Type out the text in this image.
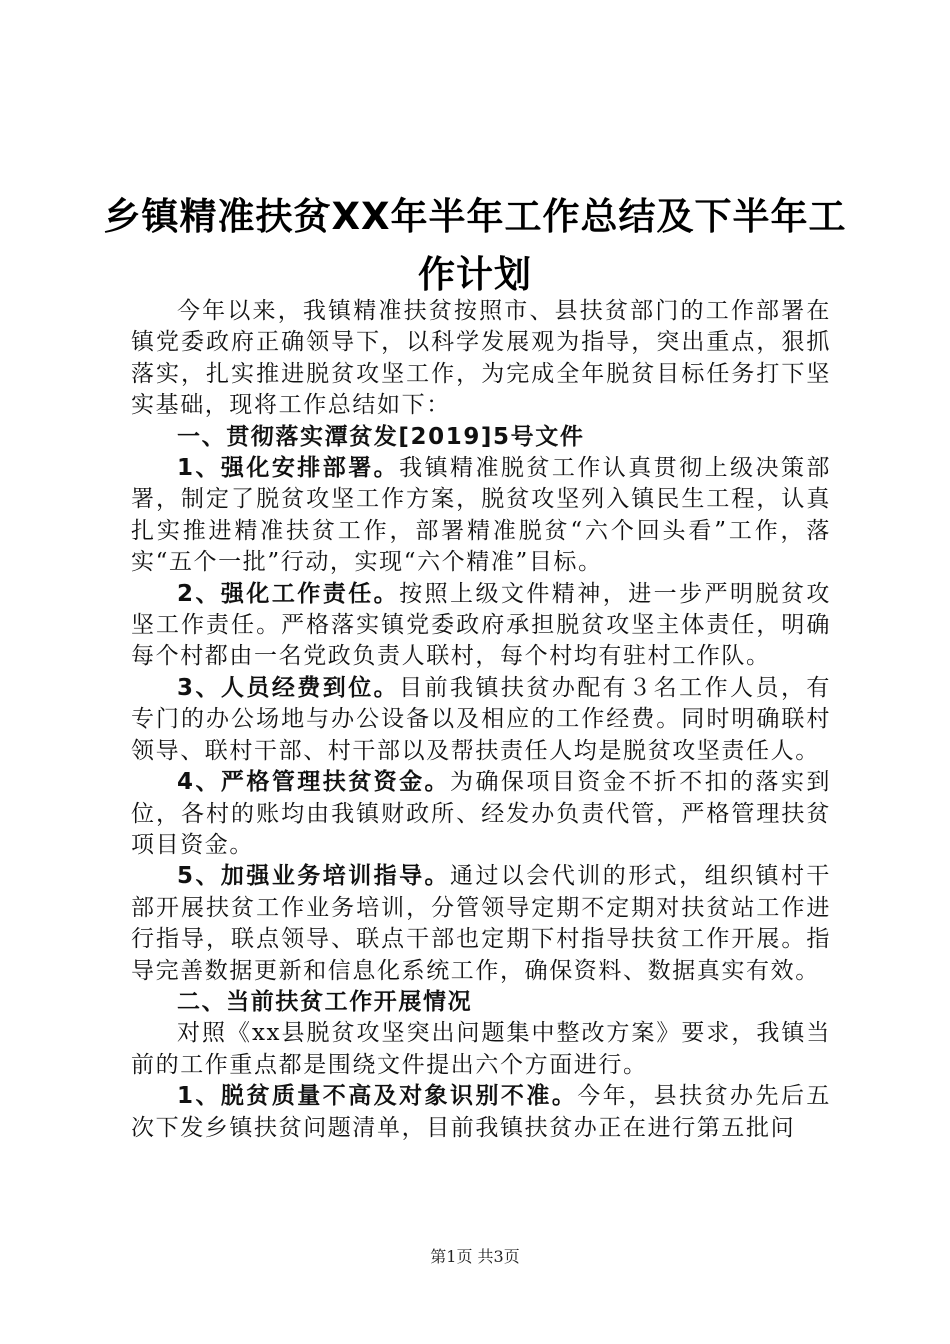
乡镇精准扶贫XX年半年工作总结及下半年工
作计划

今年以来，我镇精准扶贫按照市、县扶贫部门的工作部署在镇党委政府正确领导下，以科学发展观为指导，突出重点，狠抓落实，扎实推进脱贫攻坚工作，为完成全年脱贫目标任务打下坚实基础，现将工作总结如下：

一、贯彻落实潭贫发[2019]5号文件

1、强化安排部署。我镇精准脱贫工作认真贯彻上级决策部署，制定了脱贫攻坚工作方案，脱贫攻坚列入镇民生工程，认真扎实推进精准扶贫工作，部署精准脱贫“六个回头看”工作，落实“五个一批”行动，实现“六个精准”目标。

2、强化工作责任。按照上级文件精神，进一步严明脱贫攻坚工作责任。严格落实镇党委政府承担脱贫攻坚主体责任，明确每个村都由一名党政负责人联村，每个村均有驻村工作队。

3、人员经费到位。目前我镇扶贫办配有３名工作人员，有专门的办公场地与办公设备以及相应的工作经费。同时明确联村领导、联村干部、村干部以及帮扶责任人均是脱贫攻坚责任人。

4、严格管理扶贫资金。为确保项目资金不折不扣的落实到位，各村的账均由我镇财政所、经发办负责代管，严格管理扶贫项目资金。

5、加强业务培训指导。通过以会代训的形式，组织镇村干部开展扶贫工作业务培训，分管领导定期不定期对扶贫站工作进行指导，联点领导、联点干部也定期下村指导扶贫工作开展。指导完善数据更新和信息化系统工作，确保资料、数据真实有效。

二、当前扶贫工作开展情况

对照《xx县脱贫攻坚突出问题集中整改方案》要求，我镇当前的工作重点都是围绕文件提出六个方面进行。

1、脱贫质量不高及对象识别不准。今年，县扶贫办先后五次下发乡镇扶贫问题清单，目前我镇扶贫办正在进行第五批问

第1页 共3页
